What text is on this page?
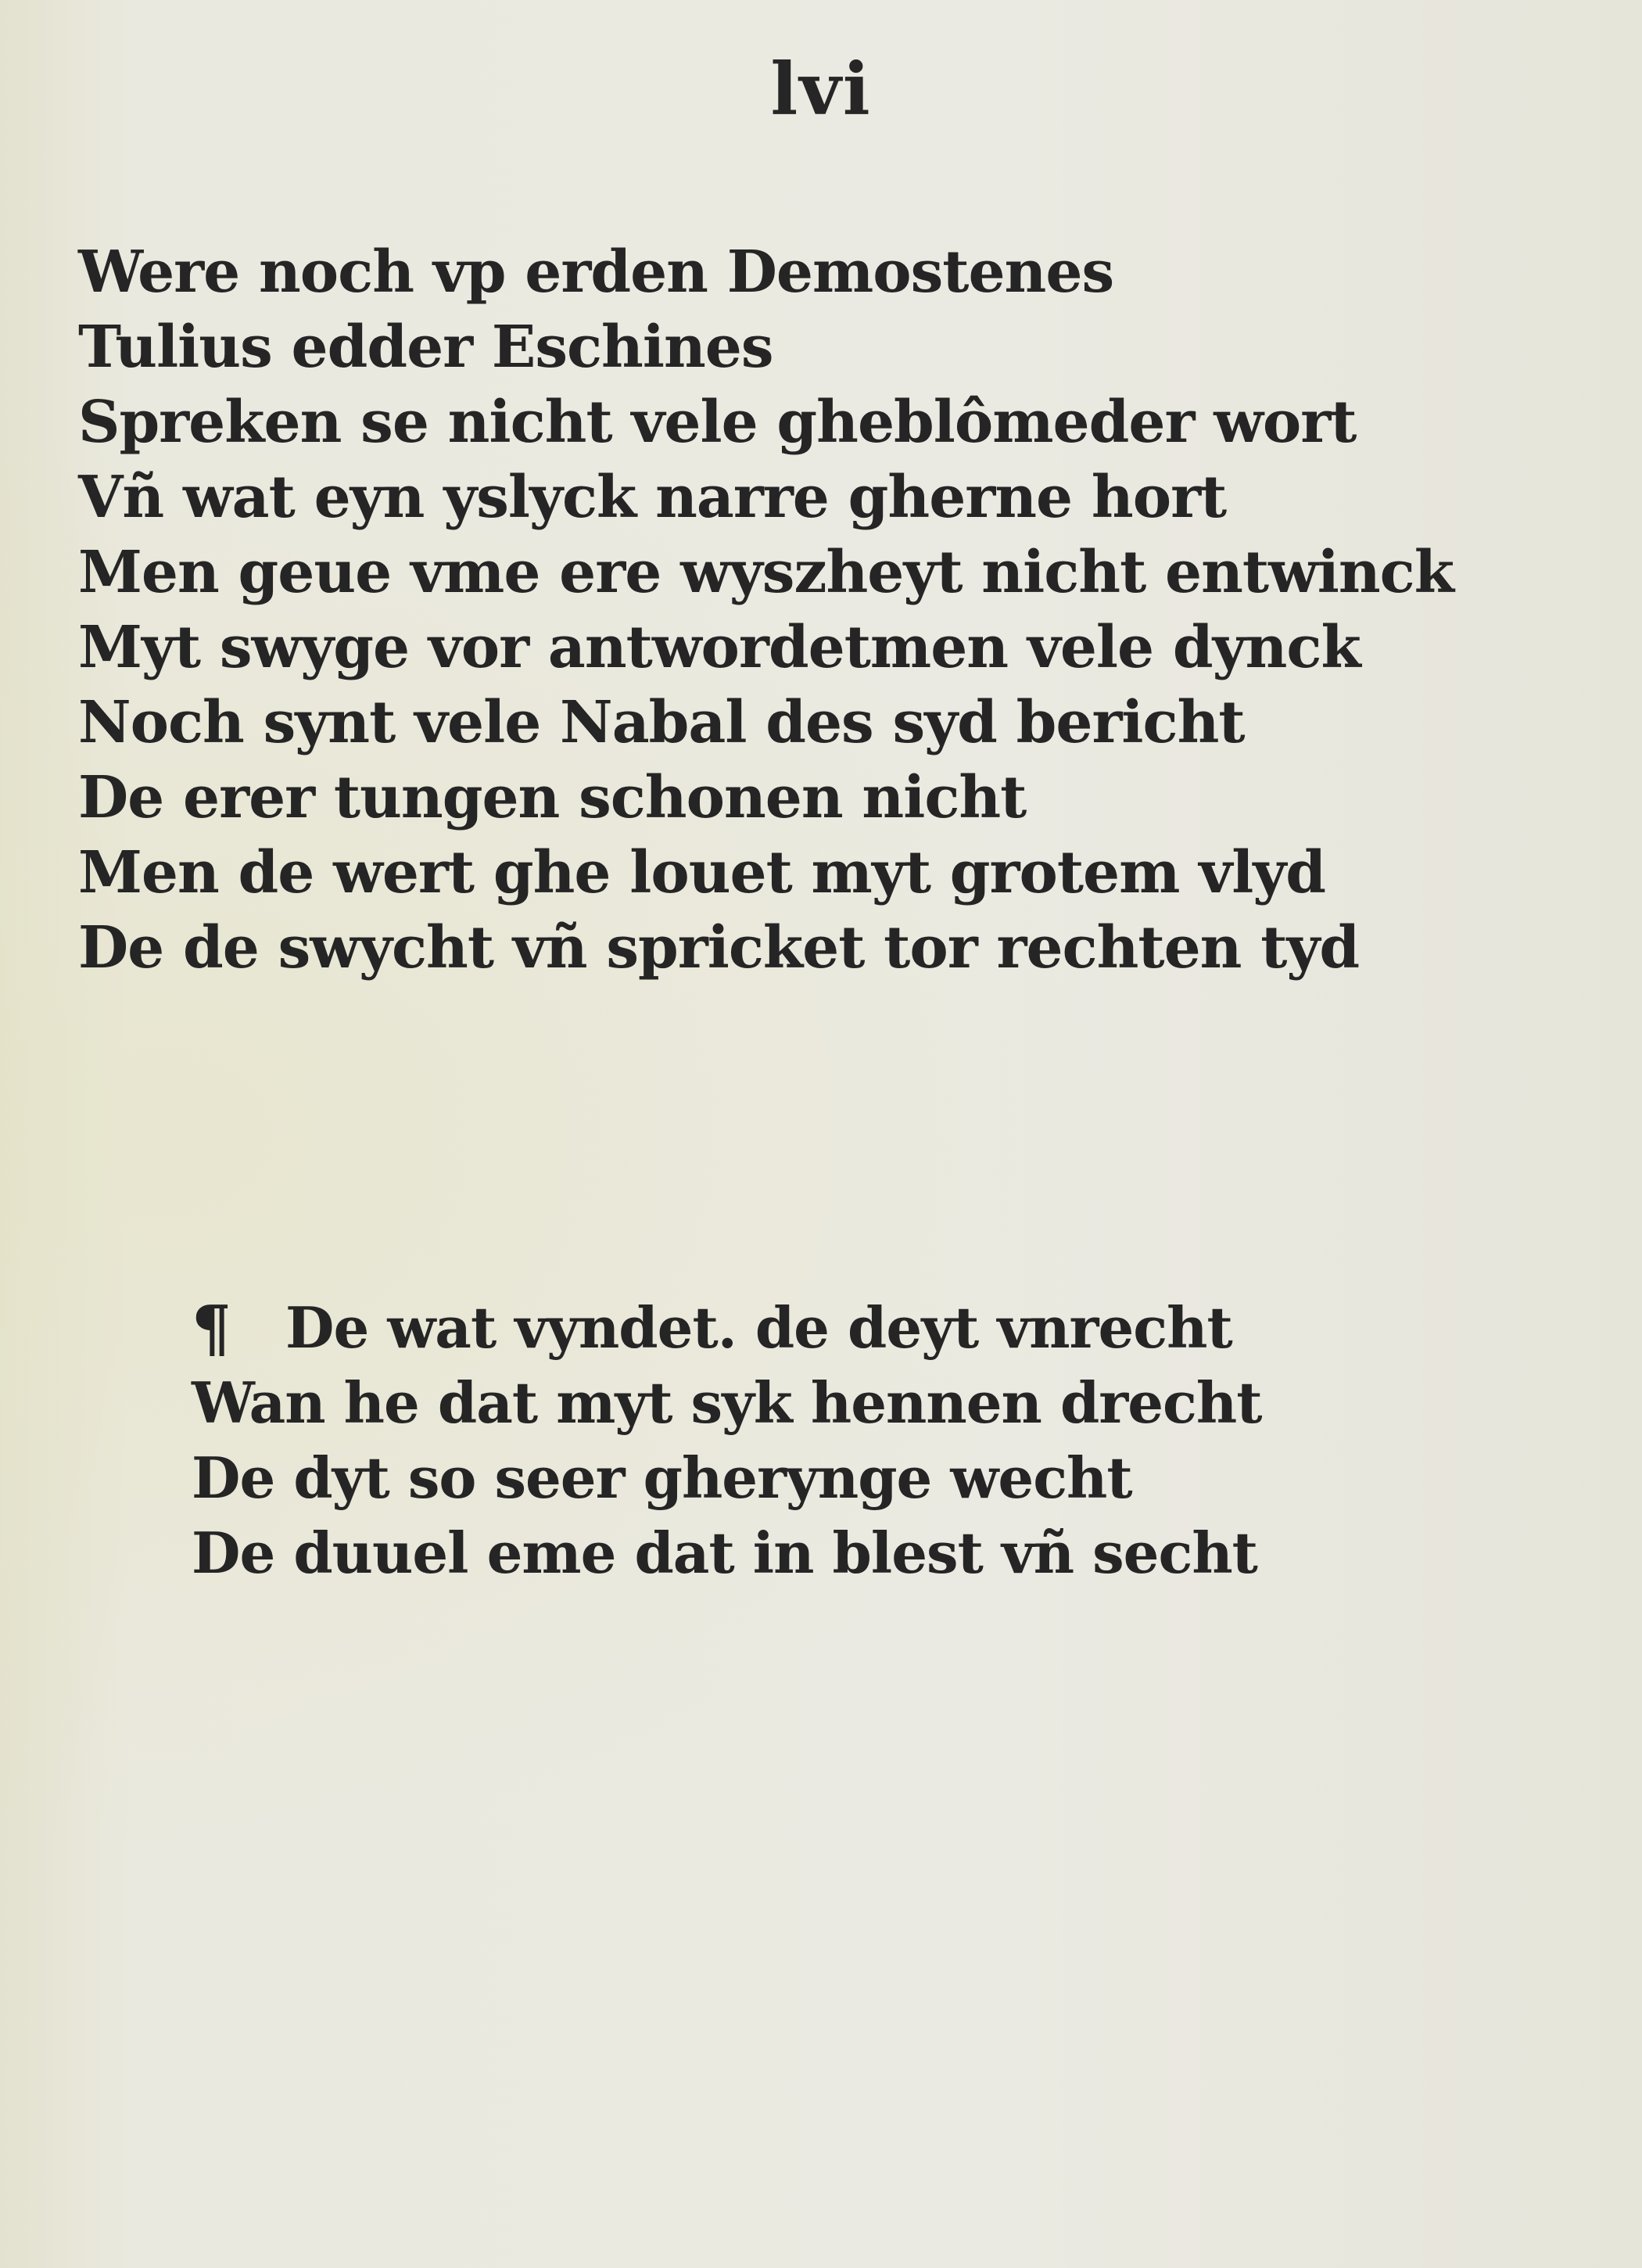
lvi
Were noch vp erden Demostenes
Tulius edder Eschines
Spreken se nicht vele gheblômeder wort
Vñ wat eyn yslyck narre gherne hort
Men geue vme ere wyszheyt nicht entwinck
Myt swyge vor antwordetmen vele dynck
Noch synt vele Nabal des syd bericht
De erer tungen schonen nicht
Men de wert ghe louet myt grotem vlyd
De de swycht vñ spricket tor rechten tyd
¶ De wat vyndet. de deyt vnrecht
Wan he dat myt syk hennen drecht
De dyt so seer gherynge wecht
De duuel eme dat in blest vñ secht
